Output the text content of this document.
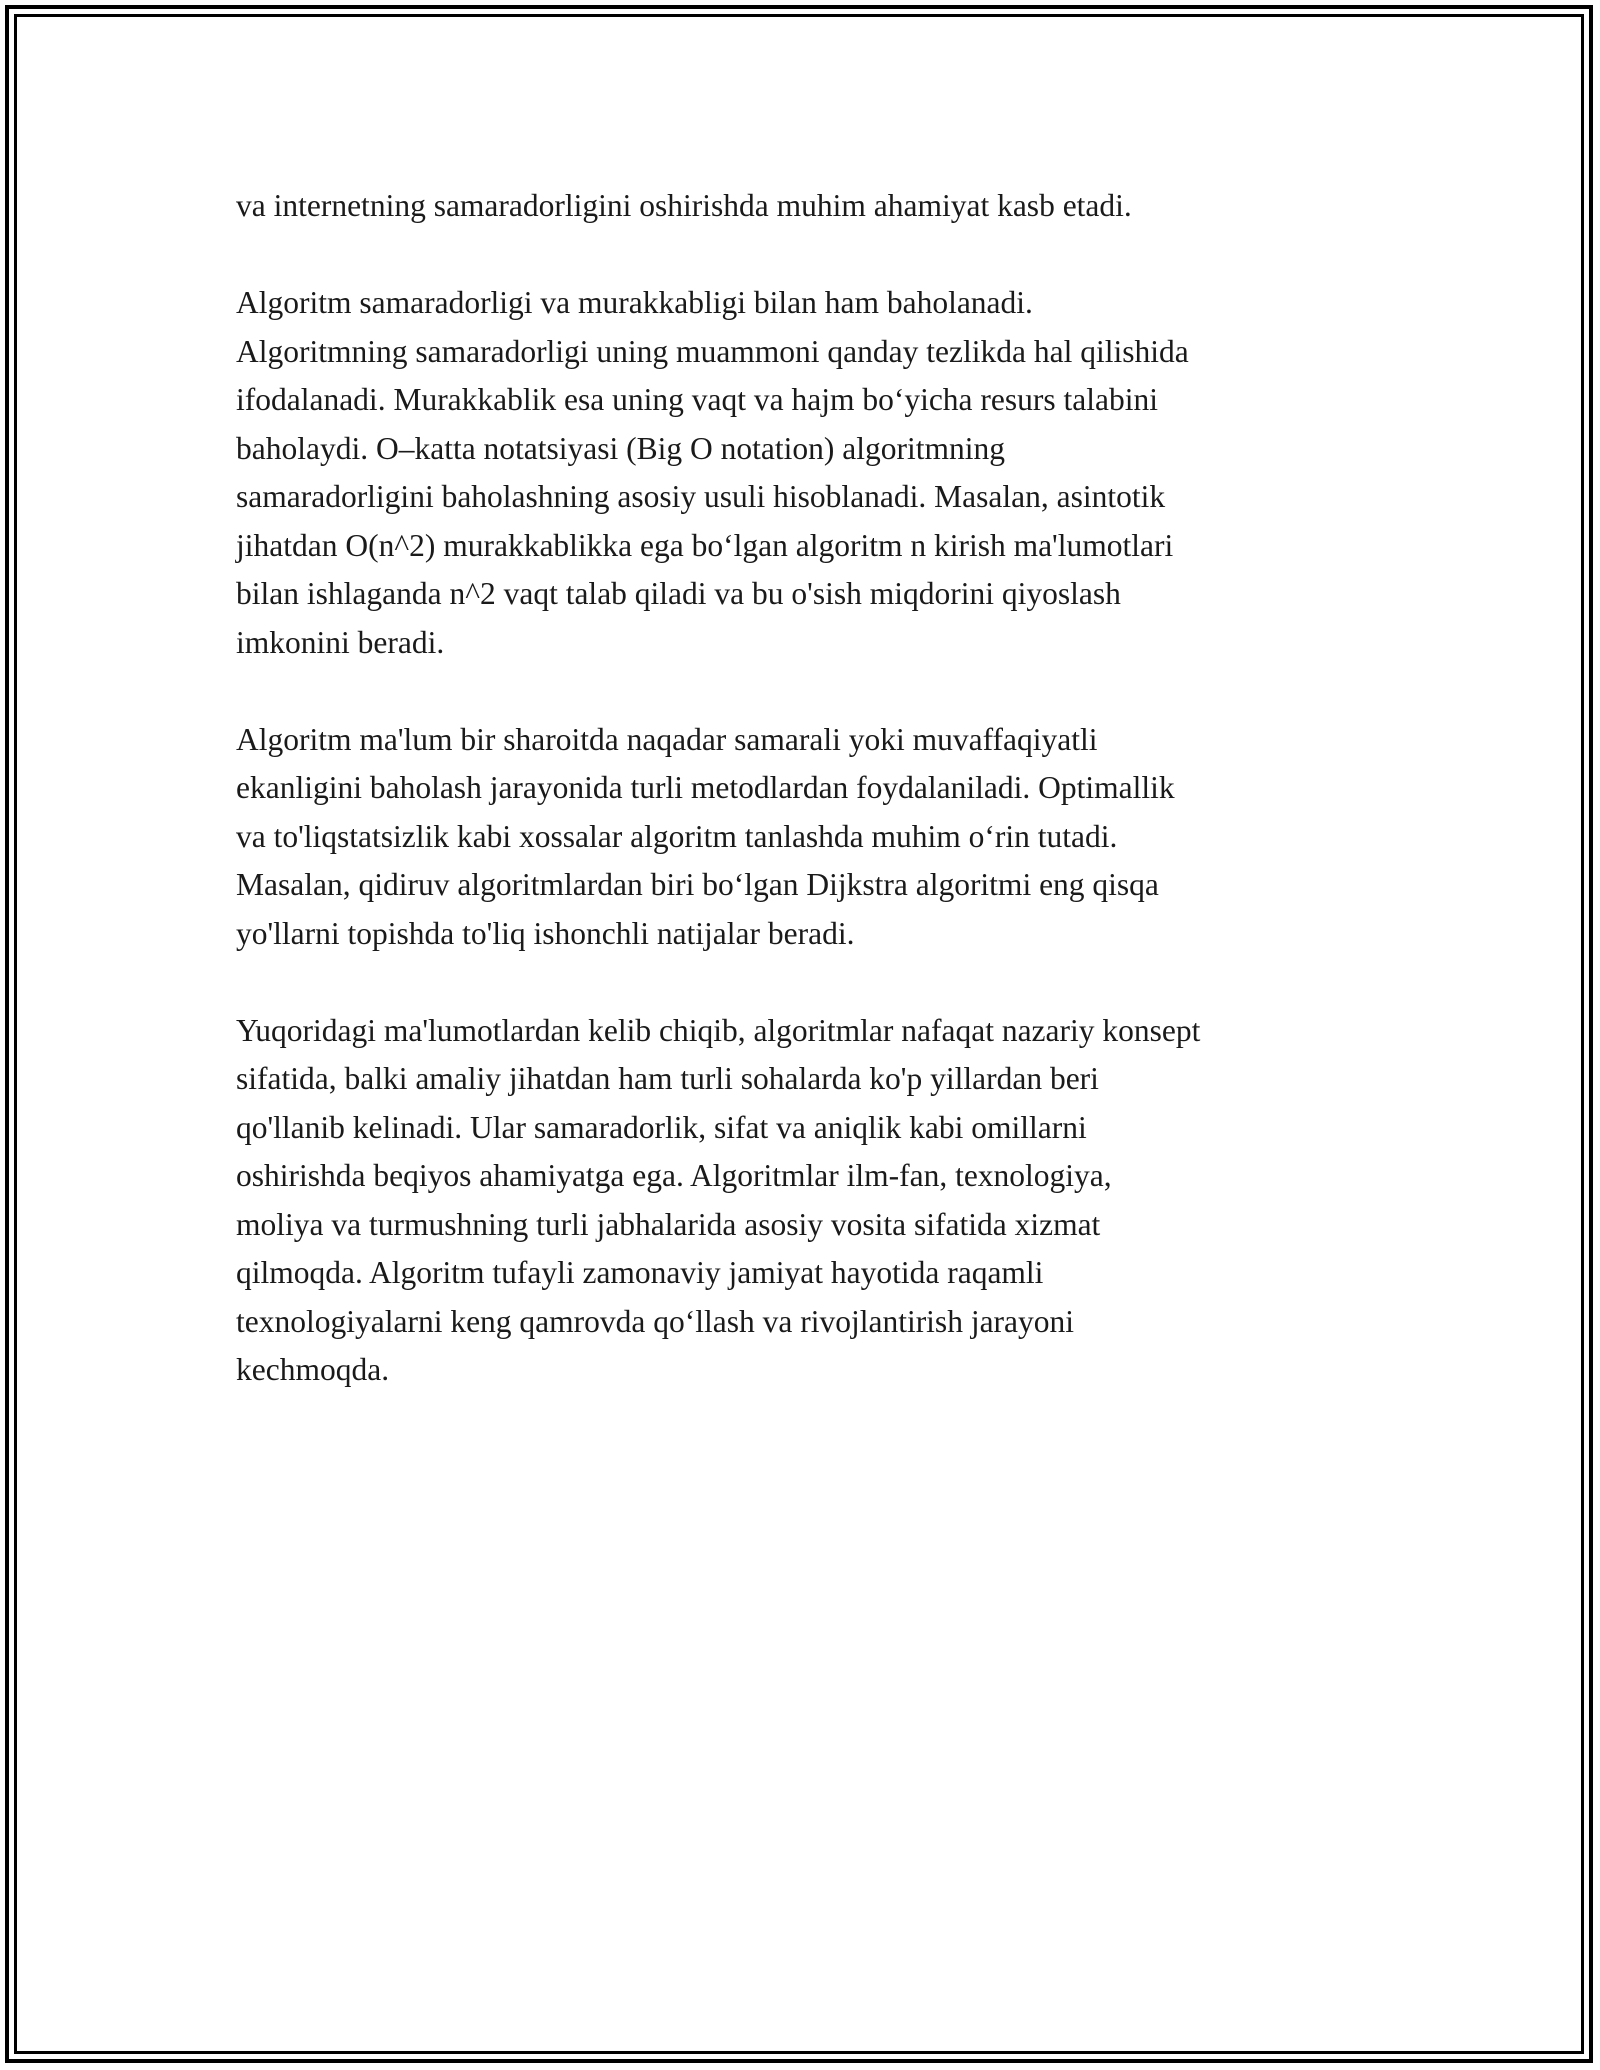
va internetning samaradorligini oshirishda muhim ahamiyat kasb etadi.

Algoritm samaradorligi va murakkabligi bilan ham baholanadi.
Algoritmning samaradorligi uning muammoni qanday tezlikda hal qilishida
ifodalanadi. Murakkablik esa uning vaqt va hajm bo‘yicha resurs talabini
baholaydi. O–katta notatsiyasi (Big O notation) algoritmning
samaradorligini baholashning asosiy usuli hisoblanadi. Masalan, asintotik
jihatdan O(n^2) murakkablikka ega bo‘lgan algoritm n kirish ma'lumotlari
bilan ishlaganda n^2 vaqt talab qiladi va bu o'sish miqdorini qiyoslash
imkonini beradi.

Algoritm ma'lum bir sharoitda naqadar samarali yoki muvaffaqiyatli
ekanligini baholash jarayonida turli metodlardan foydalaniladi. Optimallik
va to'liqstatsizlik kabi xossalar algoritm tanlashda muhim o‘rin tutadi.
Masalan, qidiruv algoritmlardan biri bo‘lgan Dijkstra algoritmi eng qisqa
yo'llarni topishda to'liq ishonchli natijalar beradi.

Yuqoridagi ma'lumotlardan kelib chiqib, algoritmlar nafaqat nazariy konsept
sifatida, balki amaliy jihatdan ham turli sohalarda ko'p yillardan beri
qo'llanib kelinadi. Ular samaradorlik, sifat va aniqlik kabi omillarni
oshirishda beqiyos ahamiyatga ega. Algoritmlar ilm-fan, texnologiya,
moliya va turmushning turli jabhalarida asosiy vosita sifatida xizmat
qilmoqda. Algoritm tufayli zamonaviy jamiyat hayotida raqamli
texnologiyalarni keng qamrovda qo‘llash va rivojlantirish jarayoni
kechmoqda.
